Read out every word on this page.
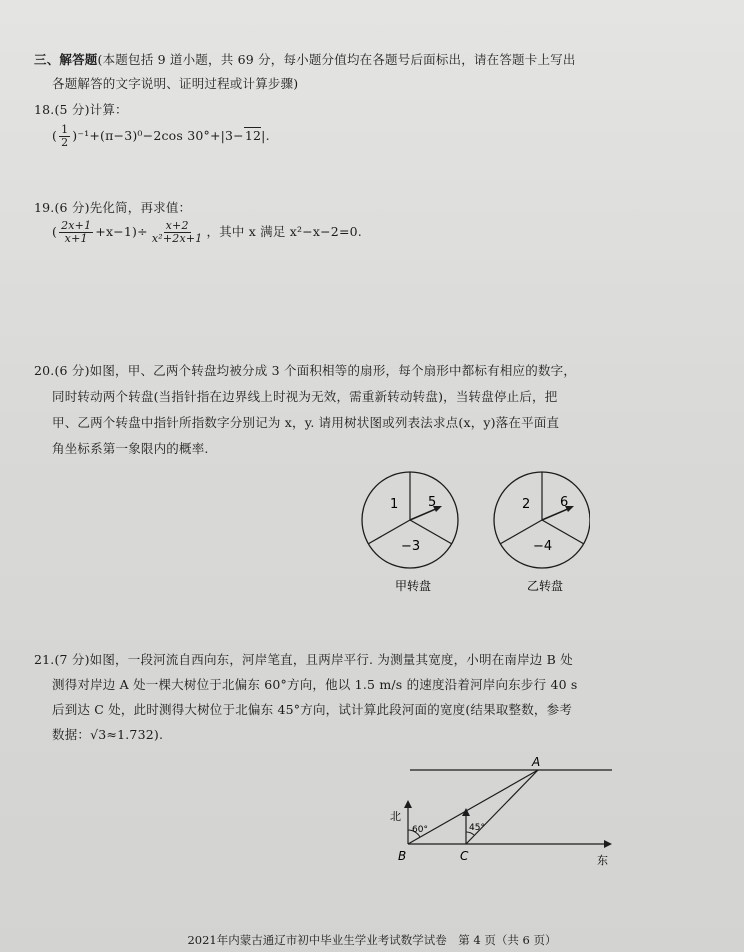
三、解答题(本题包括 9 道小题，共 69 分，每小题分值均在各题号后面标出，请在答题卡上写出
各题解答的文字说明、证明过程或计算步骤)
18.(5 分)计算：
( $\frac{1}{2} )^{-1}+(\pi-3)^0-2\cos$ 30°+|3−12|.
19.(6 分)先化简，再求值：
( $\frac{2x+1}{x+1} +x-1)\div \frac{x+2}{\text{x²+2x+1}}$ ，其中 x 满足 x²−x−2=0.
20.(6 分)如图，甲、乙两个转盘均被分成 3 个面积相等的扇形，每个扇形中都标有相应的数字，
同时转动两个转盘(当指针指在边界线上时视为无效，需重新转动转盘)，当转盘停止后，把
甲、乙两个转盘中指针所指数字分别记为 x，y. 请用树状图或列表法求点(x，y)落在平面直
角坐标系第一象限内的概率.
1 5
−3
甲转盘
2 6
−4
乙转盘
21.(7 分)如图，一段河流自西向东，河岸笔直，且两岸平行. 为测量其宽度，小明在南岸边 B 处
测得对岸边 A 处一棵大树位于北偏东 60°方向，他以 1.5 m/s 的速度沿着河岸向东步行 40 s
后到达 C 处，此时测得大树位于北偏东 45°方向，试计算此段河面的宽度(结果取整数，参考
数据：√3≈1.732).
A
B	C
北
东
60°	45°
2021年内蒙古通辽市初中毕业生学业考试数学试卷　第 4 页（共 6 页）
